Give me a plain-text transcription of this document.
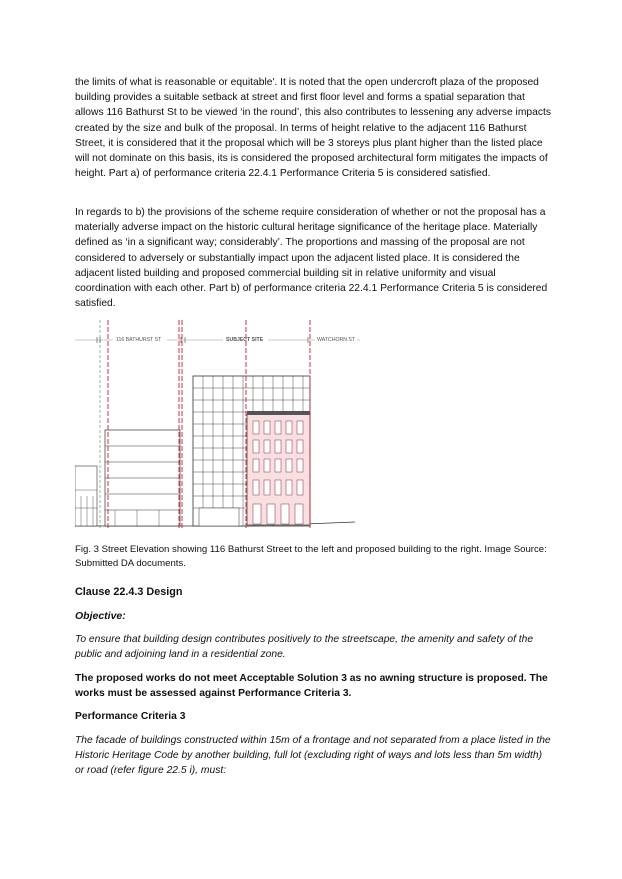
the limits of what is reasonable or equitable'. It is noted that the open undercroft plaza of the proposed building provides a suitable setback at street and first floor level and forms a spatial separation that allows 116 Bathurst St to be viewed ‘in the round’, this also contributes to lessening any adverse impacts created by the size and bulk of the proposal. In terms of height relative to the adjacent 116 Bathurst Street, it is considered that it the proposal which will be 3 storeys plus plant higher than the listed place will not dominate on this basis, its is considered the proposed architectural form mitigates the impacts of height. Part a) of performance criteria 22.4.1 Performance Criteria 5 is considered satisfied.

In regards to b) the provisions of the scheme require consideration of whether or not the proposal has a materially adverse impact on the historic cultural heritage significance of the heritage place. Materially defined as ‘in a significant way; considerably’. The proportions and massing of the proposal are not considered to adversely or substantially impact upon the adjacent listed place. It is considered the adjacent listed building and proposed commercial building sit in relative uniformity and visual coordination with each other. Part b) of performance criteria 22.4.1 Performance Criteria 5 is considered satisfied.

116 BATHURST ST	SUBJECT SITE	WATCHORN ST

Fig. 3 Street Elevation showing 116 Bathurst Street to the left and proposed building to the right. Image Source: Submitted DA documents.

Clause 22.4.3 Design

Objective:

To ensure that building design contributes positively to the streetscape, the amenity and safety of the public and adjoining land in a residential zone.

The proposed works do not meet Acceptable Solution 3 as no awning structure is proposed. The works must be assessed against Performance Criteria 3.

Performance Criteria 3

The facade of buildings constructed within 15m of a frontage and not separated from a place listed in the Historic Heritage Code by another building, full lot (excluding right of ways and lots less than 5m width) or road (refer figure 22.5 i), must:
